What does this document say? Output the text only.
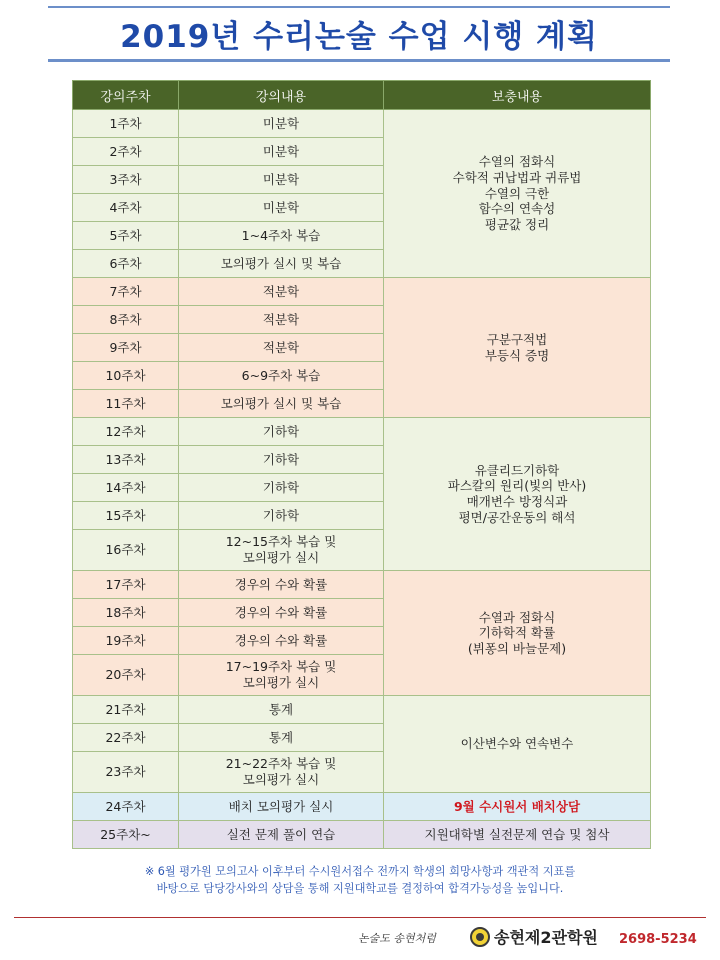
2019년 수리논술 수업 시행 계획
강의주차	강의내용	보충내용
1주차	미분학	수열의 점화식
수학적 귀납법과 귀류법
수열의 극한
함수의 연속성
평균값 정리
2주차	미분학	
3주차	미분학	
4주차	미분학	
5주차	1~4주차 복습	
6주차	모의평가 실시 및 복습	
7주차	적분학	구분구적법
부등식 증명
8주차	적분학	
9주차	적분학	
10주차	6~9주차 복습	
11주차	모의평가 실시 및 복습	
12주차	기하학	유클리드기하학
파스칼의 원리(빛의 반사)
매개변수 방정식과
평면/공간운동의 해석
13주차	기하학	
14주차	기하학	
15주차	기하학	
16주차	12~15주차 복습 및
모의평가 실시	
17주차	경우의 수와 확률	수열과 점화식
기하학적 확률
(뷔퐁의 바늘문제)
18주차	경우의 수와 확률	
19주차	경우의 수와 확률	
20주차	17~19주차 복습 및
모의평가 실시	
21주차	통계	이산변수와 연속변수
22주차	통계	
23주차	21~22주차 복습 및
모의평가 실시	
24주차	배치 모의평가 실시	9월 수시원서 배치상담
25주차~	실전 문제 풀이 연습	지원대학별 실전문제 연습 및 첨삭
※ 6월 평가원 모의고사 이후부터 수시원서접수 전까지 학생의 희망사항과 객관적 지표를
바탕으로 담당강사와의 상담을 통해 지원대학교를 결정하여 합격가능성을 높입니다.
논술도 송현처럼	송현제2관학원 2698-5234
